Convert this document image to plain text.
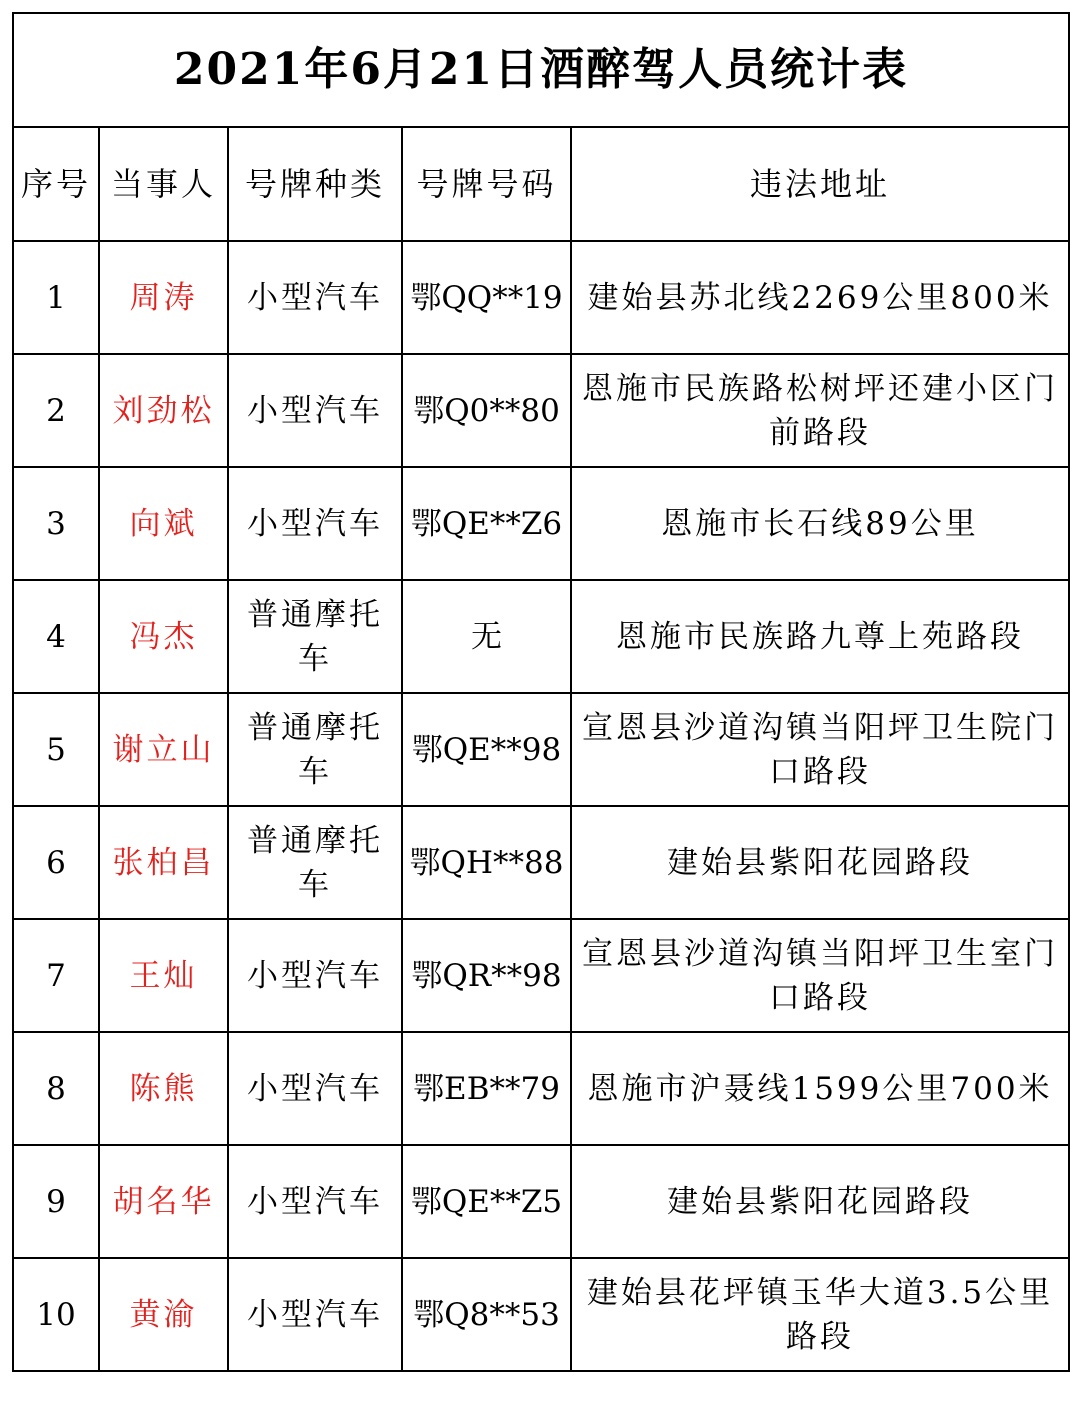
2021年6月21日酒醉驾人员统计表				
序号	当事人	号牌种类	号牌号码	违法地址
1	周涛	小型汽车	鄂QQ**19	建始县苏北线2269公里800米
2	刘劲松	小型汽车	鄂Q0**80	恩施市民族路松树坪还建小区门前路段
3	向斌	小型汽车	鄂QE**Z6	恩施市长石线89公里
4	冯杰	普通摩托车	无	恩施市民族路九尊上苑路段
5	谢立山	普通摩托车	鄂QE**98	宣恩县沙道沟镇当阳坪卫生院门口路段
6	张柏昌	普通摩托车	鄂QH**88	建始县紫阳花园路段
7	王灿	小型汽车	鄂QR**98	宣恩县沙道沟镇当阳坪卫生室门口路段
8	陈熊	小型汽车	鄂EB**79	恩施市沪聂线1599公里700米
9	胡名华	小型汽车	鄂QE**Z5	建始县紫阳花园路段
10	黄渝	小型汽车	鄂Q8**53	建始县花坪镇玉华大道3.5公里路段
